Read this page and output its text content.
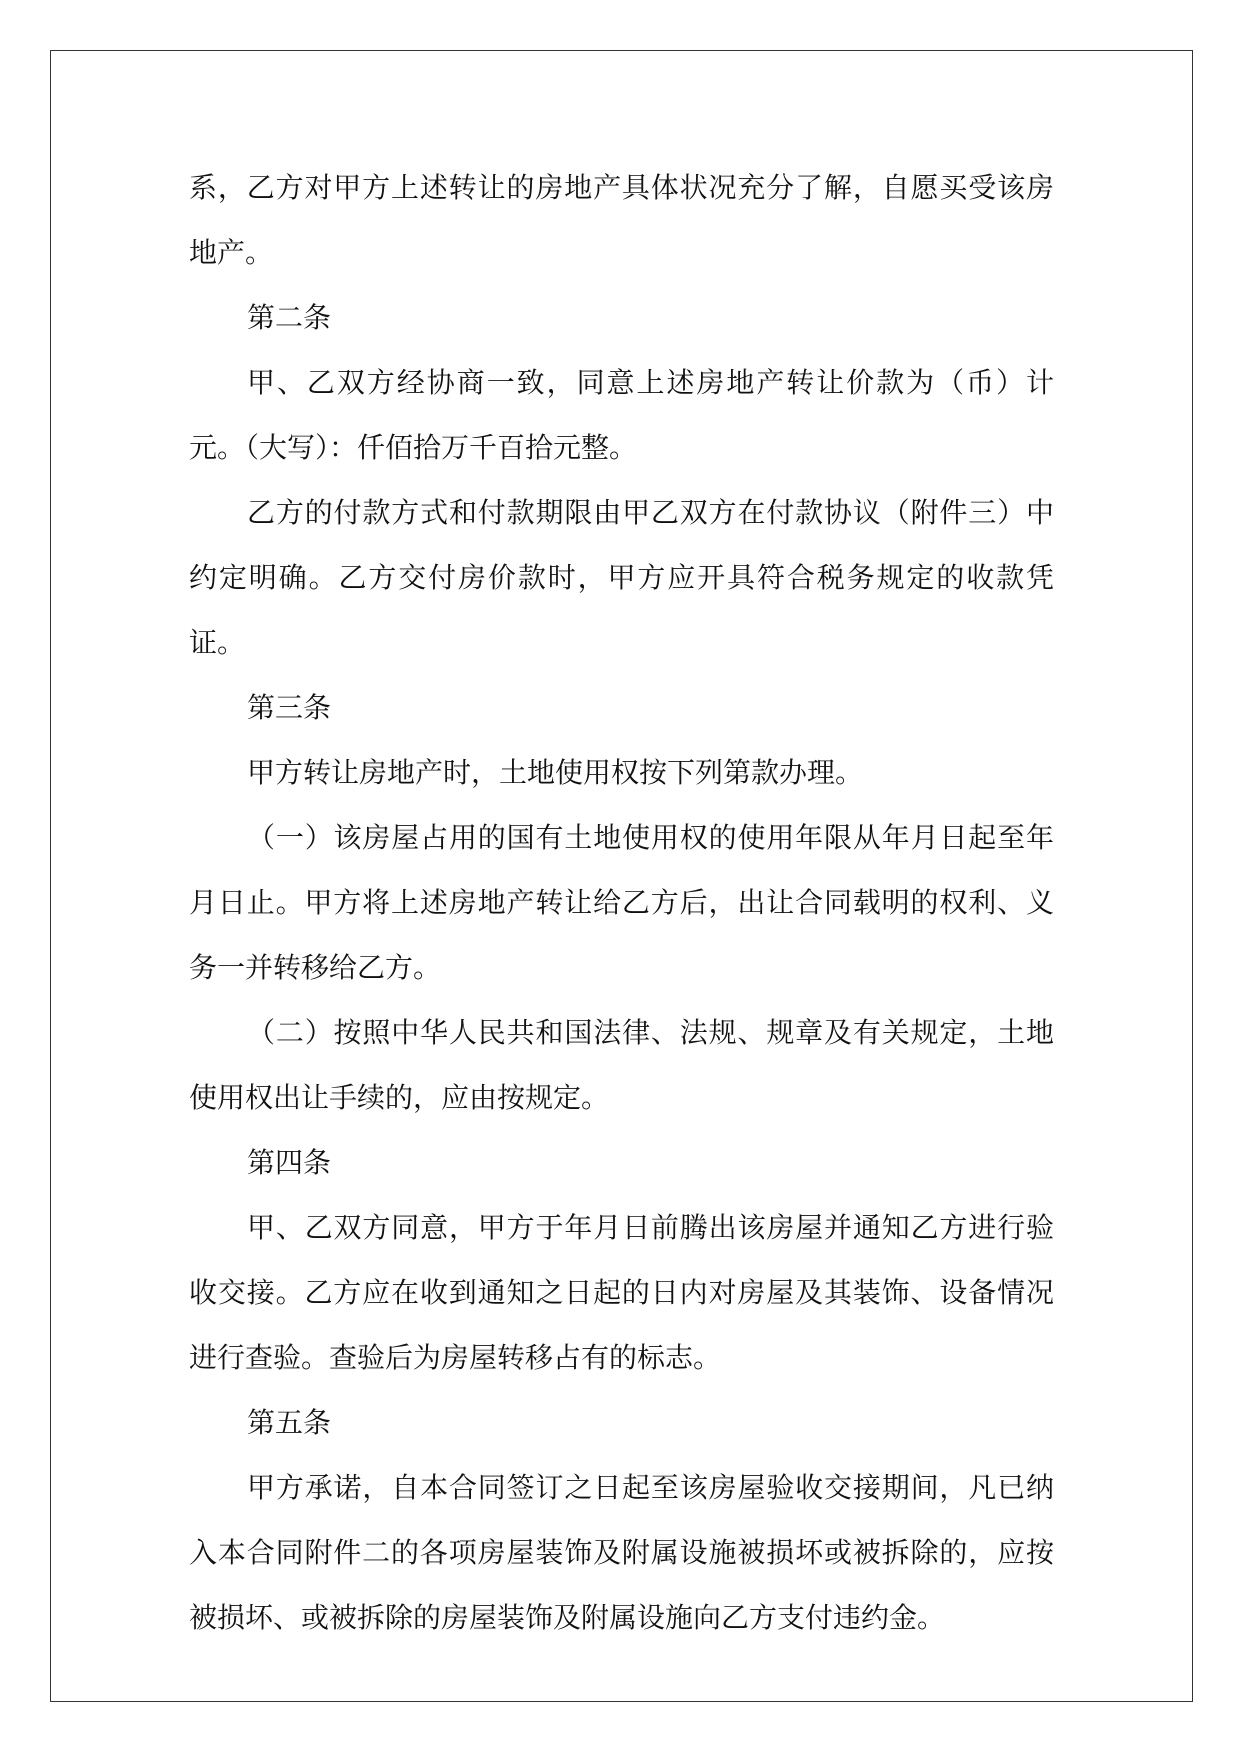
系，乙方对甲方上述转让的房地产具体状况充分了解，自愿买受该房地产。

第二条

甲、乙双方经协商一致，同意上述房地产转让价款为（币）计元。（大写）：仟佰拾万千百拾元整。

乙方的付款方式和付款期限由甲乙双方在付款协议（附件三）中约定明确。乙方交付房价款时，甲方应开具符合税务规定的收款凭证。

第三条

甲方转让房地产时，土地使用权按下列第款办理。

（一）该房屋占用的国有土地使用权的使用年限从年月日起至年月日止。甲方将上述房地产转让给乙方后，出让合同载明的权利、义务一并转移给乙方。

（二）按照中华人民共和国法律、法规、规章及有关规定，土地使用权出让手续的，应由按规定。

第四条

甲、乙双方同意，甲方于年月日前腾出该房屋并通知乙方进行验收交接。乙方应在收到通知之日起的日内对房屋及其装饰、设备情况进行查验。查验后为房屋转移占有的标志。

第五条

甲方承诺，自本合同签订之日起至该房屋验收交接期间，凡已纳入本合同附件二的各项房屋装饰及附属设施被损坏或被拆除的，应按被损坏、或被拆除的房屋装饰及附属设施向乙方支付违约金。
